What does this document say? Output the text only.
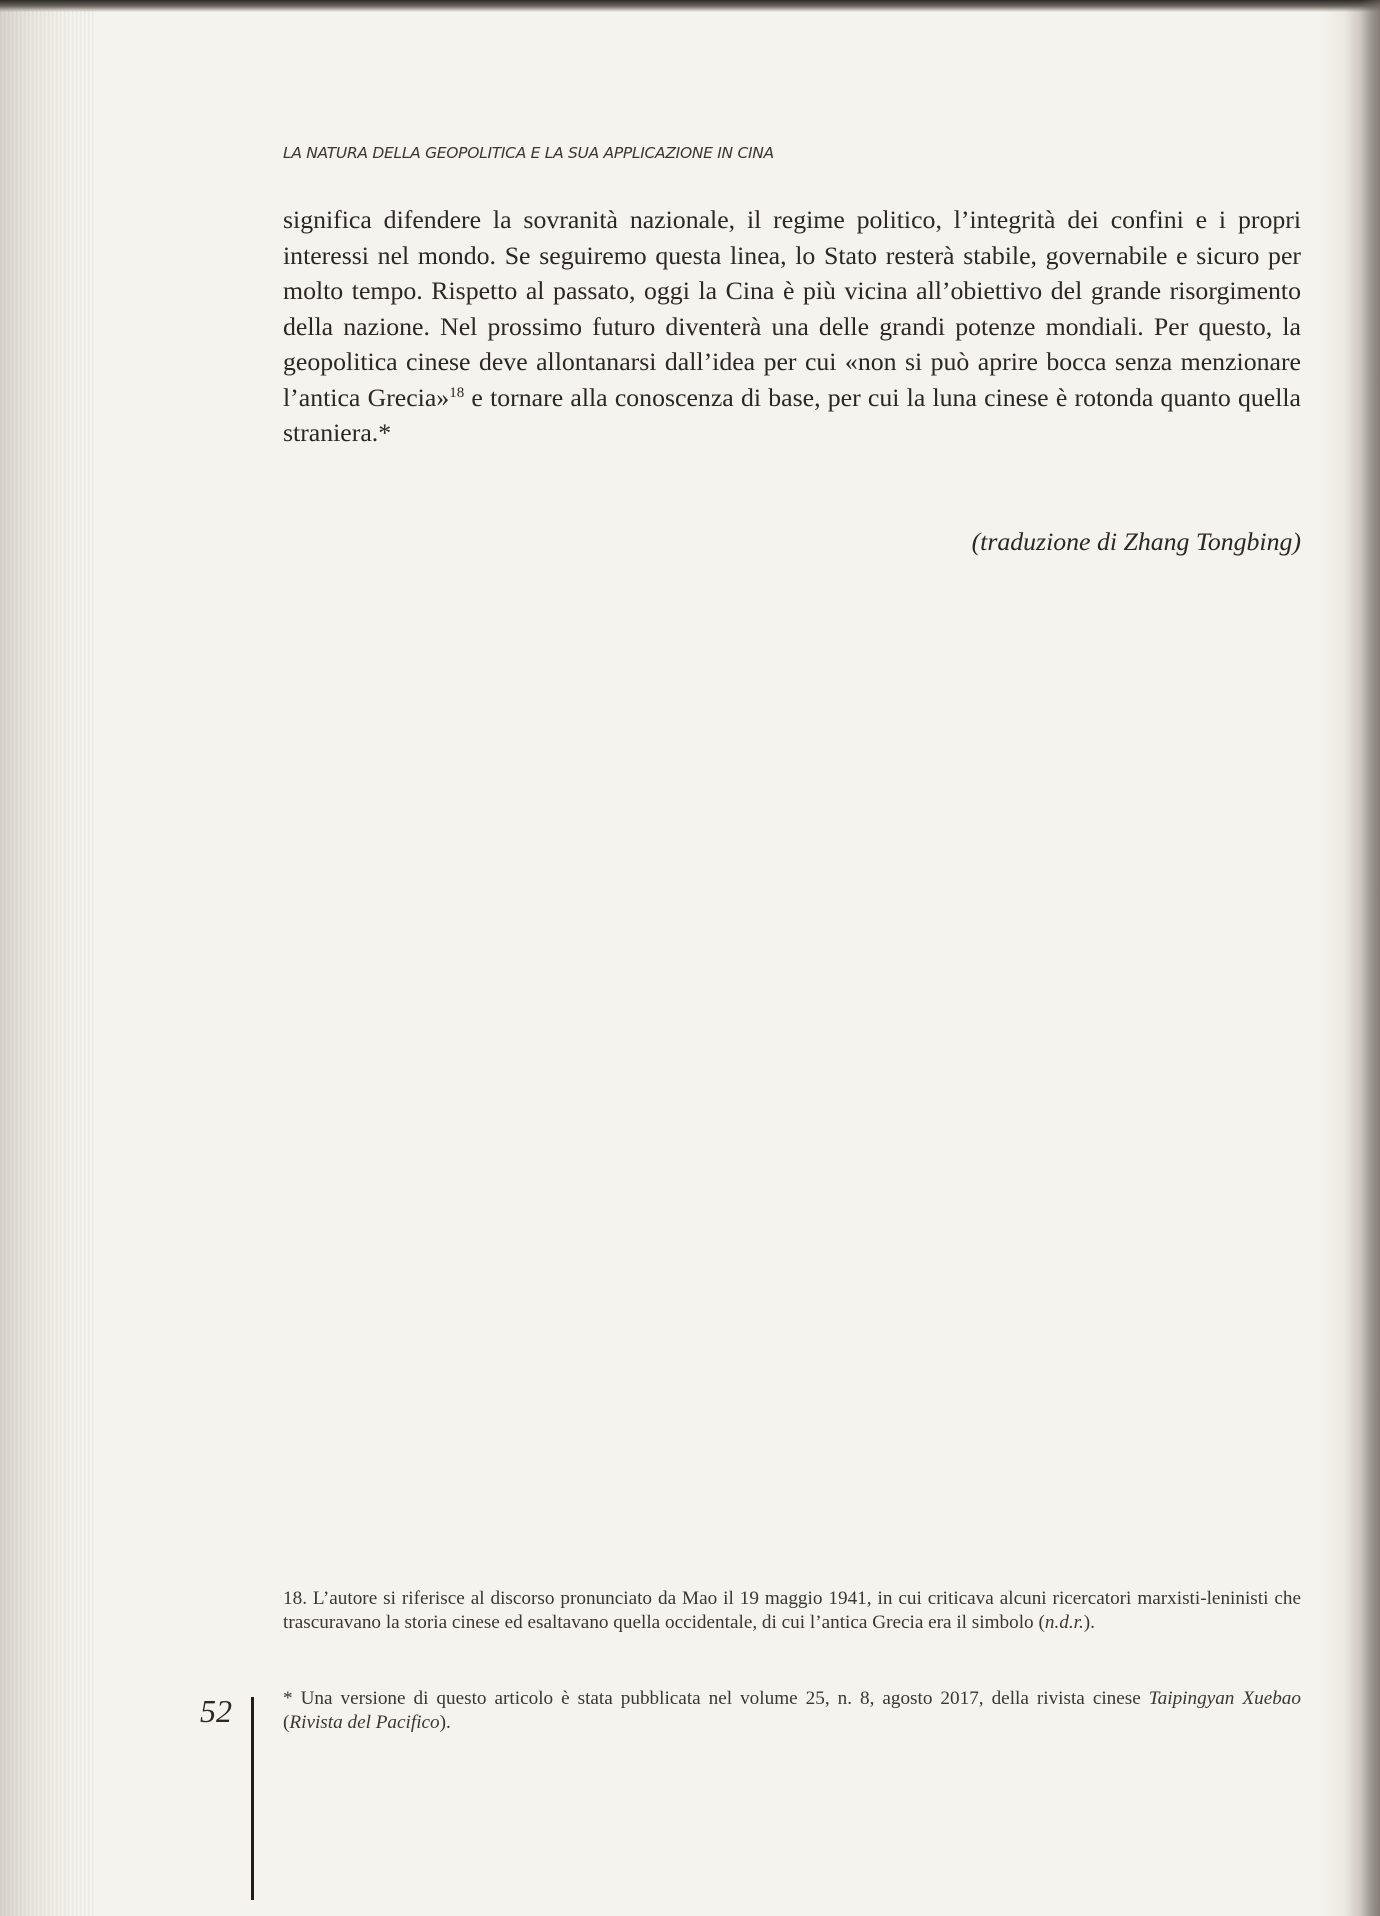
LA NATURA DELLA GEOPOLITICA E LA SUA APPLICAZIONE IN CINA
significa difendere la sovranità nazionale, il regime politico, l’integrità dei confini e i propri interessi nel mondo. Se seguiremo questa linea, lo Stato resterà stabile, governabile e sicuro per molto tempo. Rispetto al passato, oggi la Cina è più vicina all’obiettivo del grande risorgimento della nazione. Nel prossimo futuro diventerà una delle grandi potenze mondiali. Per questo, la geopolitica cinese deve allontanarsi dall’idea per cui «non si può aprire bocca senza menzionare l’antica Grecia»$^{18}$ e tornare alla conoscenza di base, per cui la luna cinese è rotonda quanto quella straniera.*
(traduzione di Zhang Tongbing)
18. L’autore si riferisce al discorso pronunciato da Mao il 19 maggio 1941, in cui criticava alcuni ricercatori marxisti-leninisti che trascuravano la storia cinese ed esaltavano quella occidentale, di cui l’antica Grecia era il simbolo (n.d.r.).
* Una versione di questo articolo è stata pubblicata nel volume 25, n. 8, agosto 2017, della rivista cinese Taipingyan Xuebao (Rivista del Pacifico).
52
